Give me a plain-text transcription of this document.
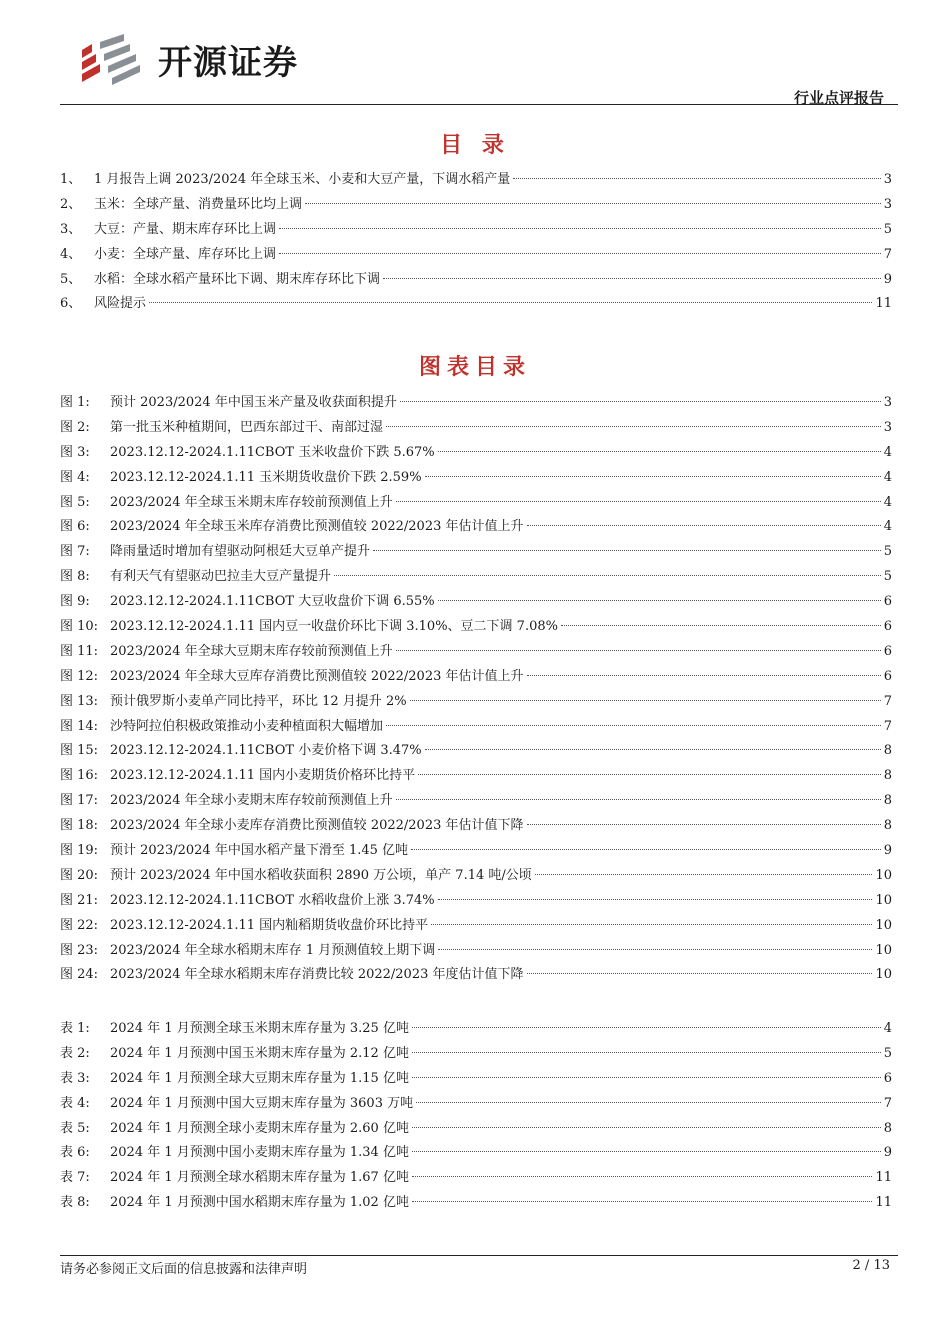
开源证券
行业点评报告
目 录
1、 1 月报告上调 2023/2024 年全球玉米、小麦和大豆产量，下调水稻产量	3
2、 玉米：全球产量、消费量环比均上调	3
3、 大豆：产量、期末库存环比上调	5
4、 小麦：全球产量、库存环比上调	7
5、 水稻：全球水稻产量环比下调、期末库存环比下调	9
6、 风险提示	11
图表目录
图 1:	预计 2023/2024 年中国玉米产量及收获面积提升	3
图 2:	第一批玉米种植期间，巴西东部过干、南部过湿	3
图 3:	2023.12.12-2024.1.11CBOT 玉米收盘价下跌 5.67%	4
图 4:	2023.12.12-2024.1.11 玉米期货收盘价下跌 2.59%	4
图 5:	2023/2024 年全球玉米期末库存较前预测值上升	4
图 6:	2023/2024 年全球玉米库存消费比预测值较 2022/2023 年估计值上升	4
图 7:	降雨量适时增加有望驱动阿根廷大豆单产提升	5
图 8:	有利天气有望驱动巴拉圭大豆产量提升	5
图 9:	2023.12.12-2024.1.11CBOT 大豆收盘价下调 6.55%	6
图 10: 2023.12.12-2024.1.11 国内豆一收盘价环比下调 3.10%、豆二下调 7.08%	6
图 11: 2023/2024 年全球大豆期末库存较前预测值上升	6
图 12: 2023/2024 年全球大豆库存消费比预测值较 2022/2023 年估计值上升	6
图 13: 预计俄罗斯小麦单产同比持平，环比 12 月提升 2%	7
图 14: 沙特阿拉伯积极政策推动小麦种植面积大幅增加	7
图 15: 2023.12.12-2024.1.11CBOT 小麦价格下调 3.47%	8
图 16: 2023.12.12-2024.1.11 国内小麦期货价格环比持平	8
图 17: 2023/2024 年全球小麦期末库存较前预测值上升	8
图 18: 2023/2024 年全球小麦库存消费比预测值较 2022/2023 年估计值下降	8
图 19: 预计 2023/2024 年中国水稻产量下滑至 1.45 亿吨	9
图 20: 预计 2023/2024 年中国水稻收获面积 2890 万公顷，单产 7.14 吨/公顷	10
图 21: 2023.12.12-2024.1.11CBOT 水稻收盘价上涨 3.74%	10
图 22: 2023.12.12-2024.1.11 国内籼稻期货收盘价环比持平	10
图 23: 2023/2024 年全球水稻期末库存 1 月预测值较上期下调	10
图 24: 2023/2024 年全球水稻期末库存消费比较 2022/2023 年度估计值下降	10
表 1:	2024 年 1 月预测全球玉米期末库存量为 3.25 亿吨	4
表 2:	2024 年 1 月预测中国玉米期末库存量为 2.12 亿吨	5
表 3:	2024 年 1 月预测全球大豆期末库存量为 1.15 亿吨	6
表 4:	2024 年 1 月预测中国大豆期末库存量为 3603 万吨	7
表 5:	2024 年 1 月预测全球小麦期末库存量为 2.60 亿吨	8
表 6:	2024 年 1 月预测中国小麦期末库存量为 1.34 亿吨	9
表 7:	2024 年 1 月预测全球水稻期末库存量为 1.67 亿吨	11
表 8:	2024 年 1 月预测中国水稻期末库存量为 1.02 亿吨	11
请务必参阅正文后面的信息披露和法律声明	2 / 13
